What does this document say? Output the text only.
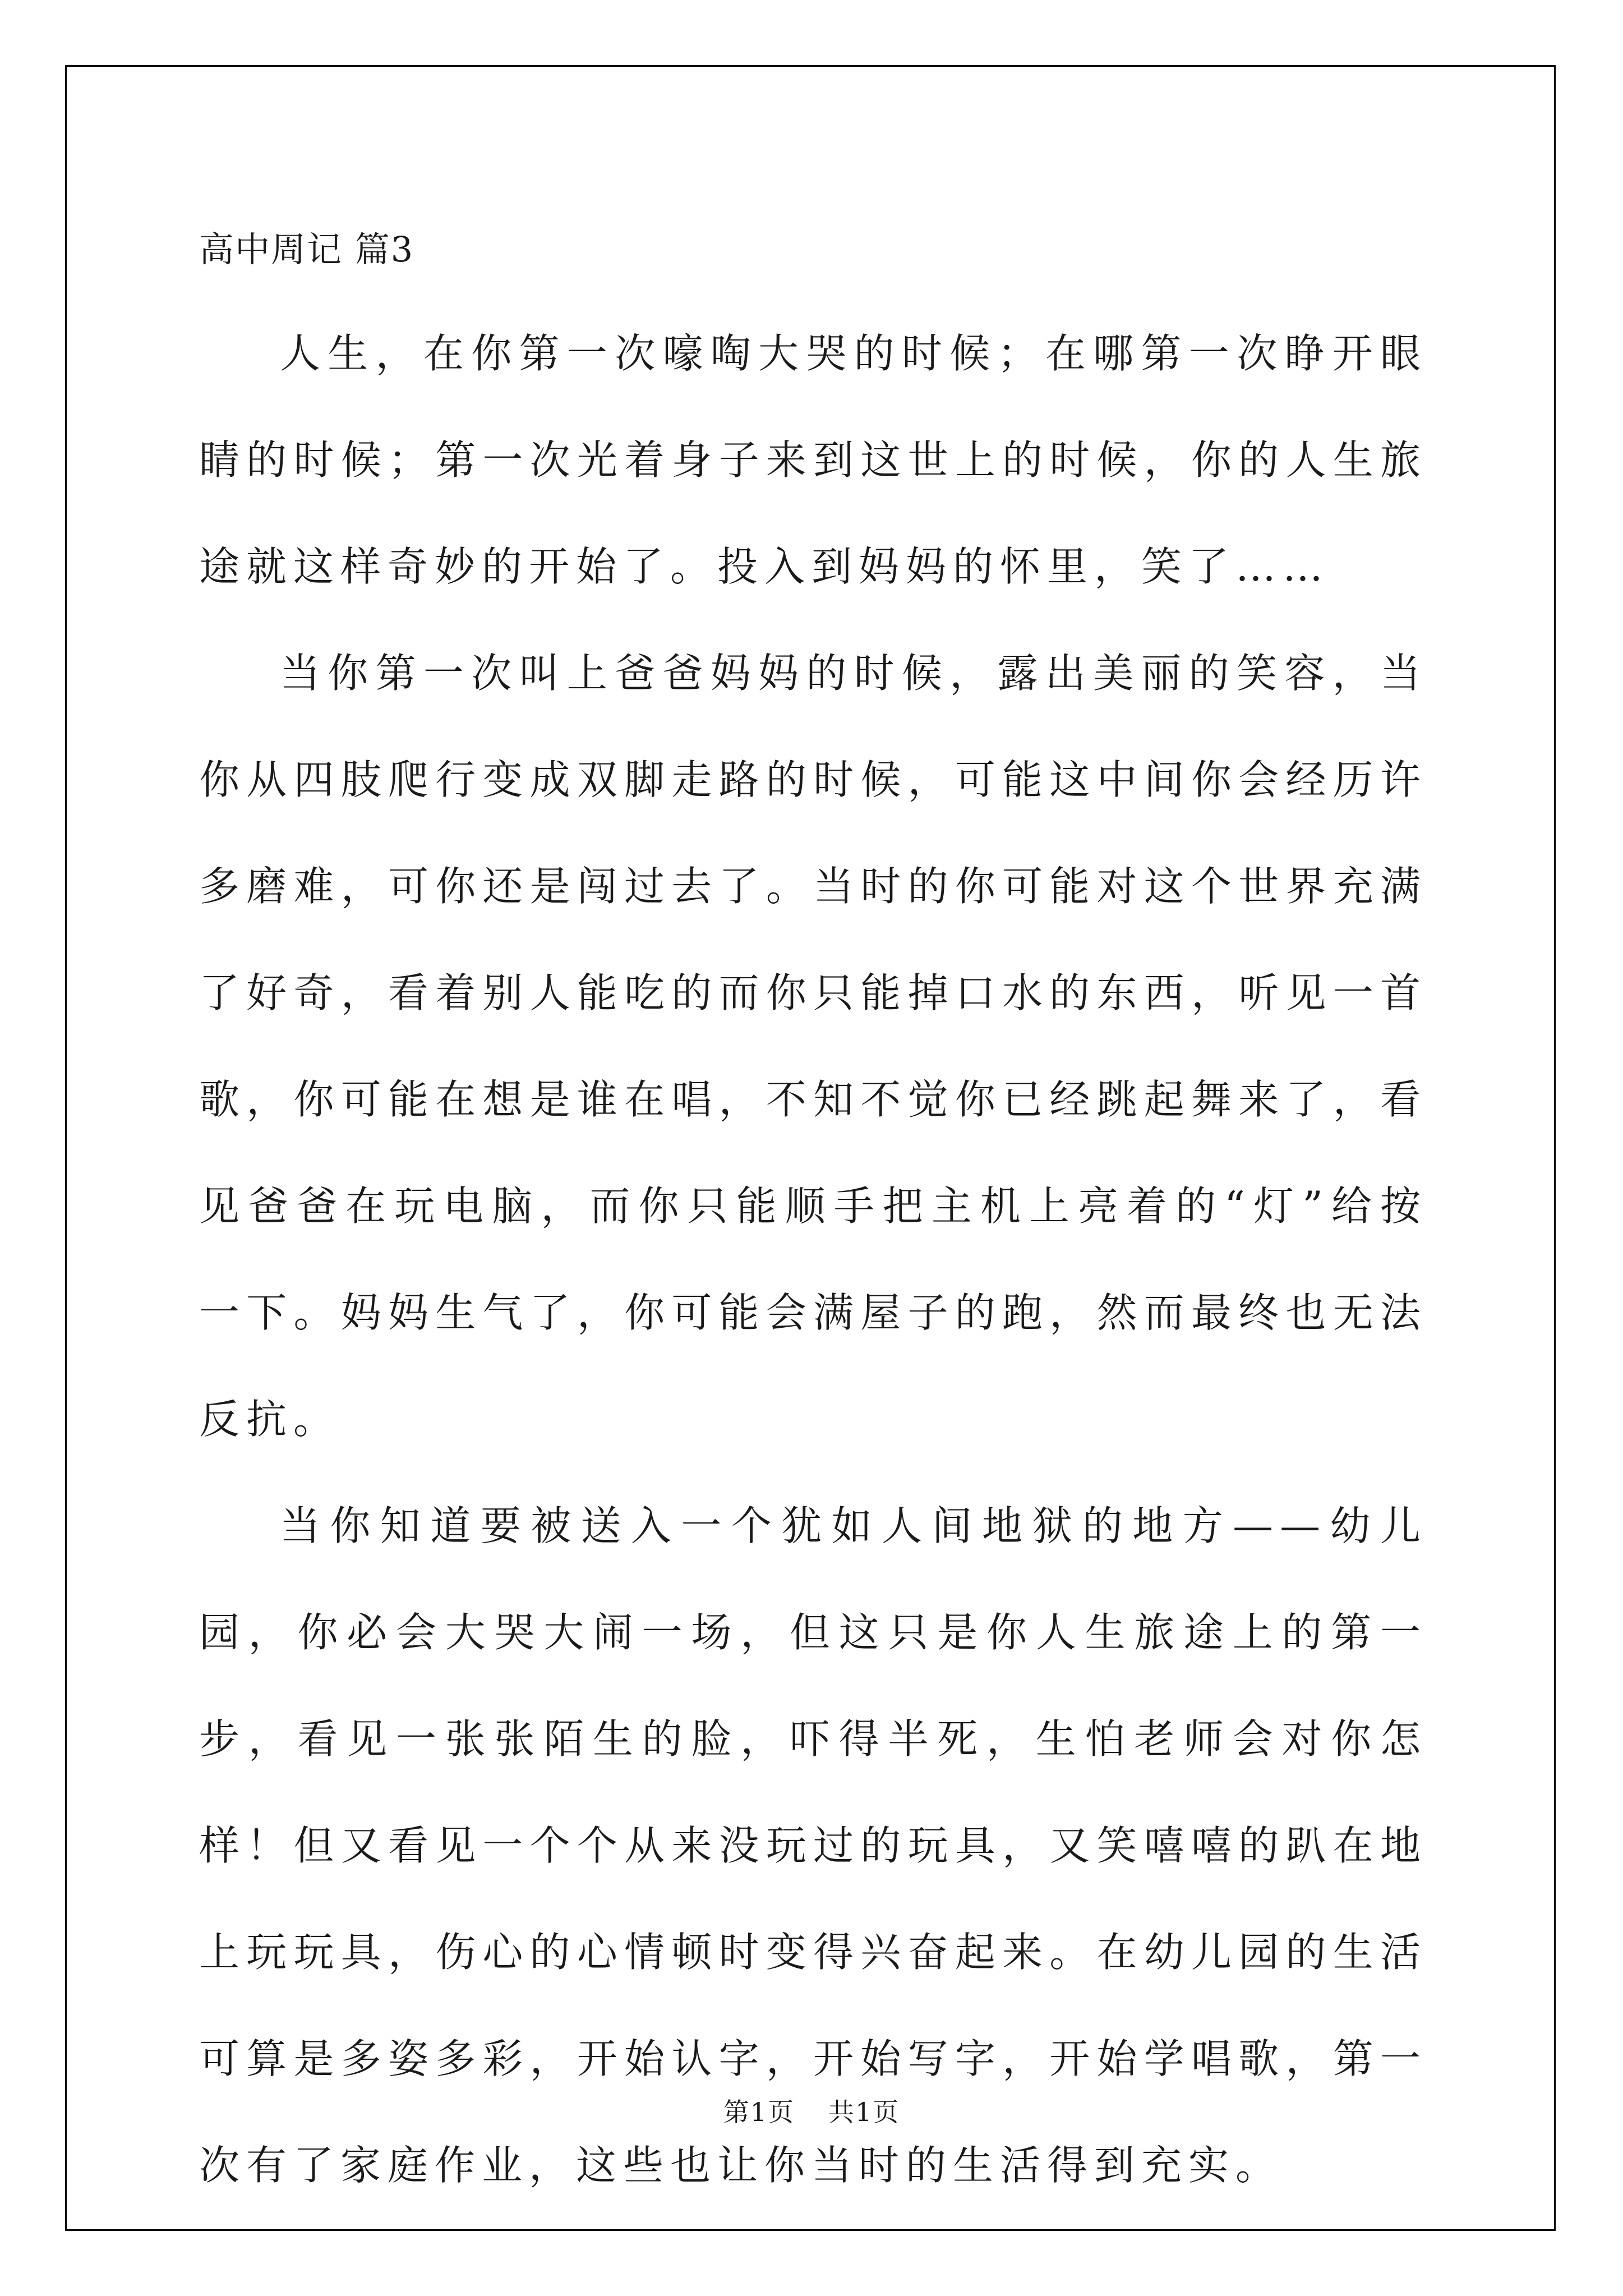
高中周记 篇3

人生，在你第一次嚎啕大哭的时候；在哪第一次睁开眼睛的时候；第一次光着身子来到这世上的时候，你的人生旅途就这样奇妙的开始了。投入到妈妈的怀里，笑了……

当你第一次叫上爸爸妈妈的时候，露出美丽的笑容，当你从四肢爬行变成双脚走路的时候，可能这中间你会经历许多磨难，可你还是闯过去了。当时的你可能对这个世界充满了好奇，看着别人能吃的而你只能掉口水的东西，听见一首歌，你可能在想是谁在唱，不知不觉你已经跳起舞来了，看见爸爸在玩电脑，而你只能顺手把主机上亮着的“灯”给按一下。妈妈生气了，你可能会满屋子的跑，然而最终也无法反抗。

当你知道要被送入一个犹如人间地狱的地方——幼儿园，你必会大哭大闹一场，但这只是你人生旅途上的第一步，看见一张张陌生的脸，吓得半死，生怕老师会对你怎样！但又看见一个个从来没玩过的玩具，又笑嘻嘻的趴在地上玩玩具，伤心的心情顿时变得兴奋起来。在幼儿园的生活可算是多姿多彩，开始认字，开始写字，开始学唱歌，第一次有了家庭作业，这些也让你当时的生活得到充实。

第1页 共1页
